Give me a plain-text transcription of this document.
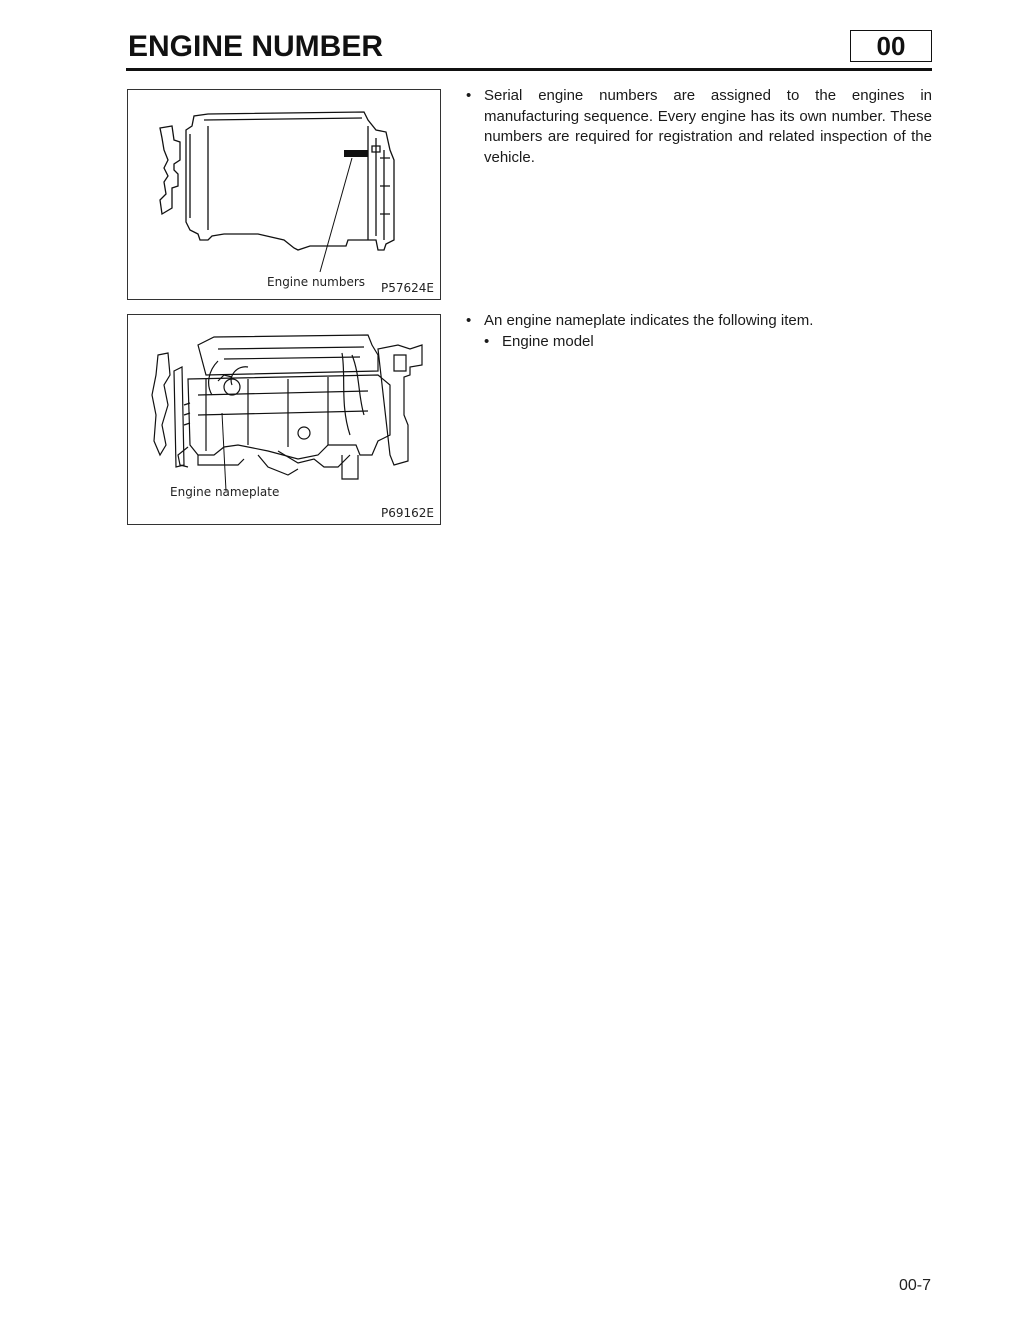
ENGINE NUMBER	00
Engine numbers P57624E
Engine nameplate
P69162E
• Serial engine numbers are assigned to the engines in manufacturing sequence. Every engine has its own number. These numbers are required for registration and related inspection of the vehicle.
• An engine nameplate indicates the following item.
• Engine model
00-7
